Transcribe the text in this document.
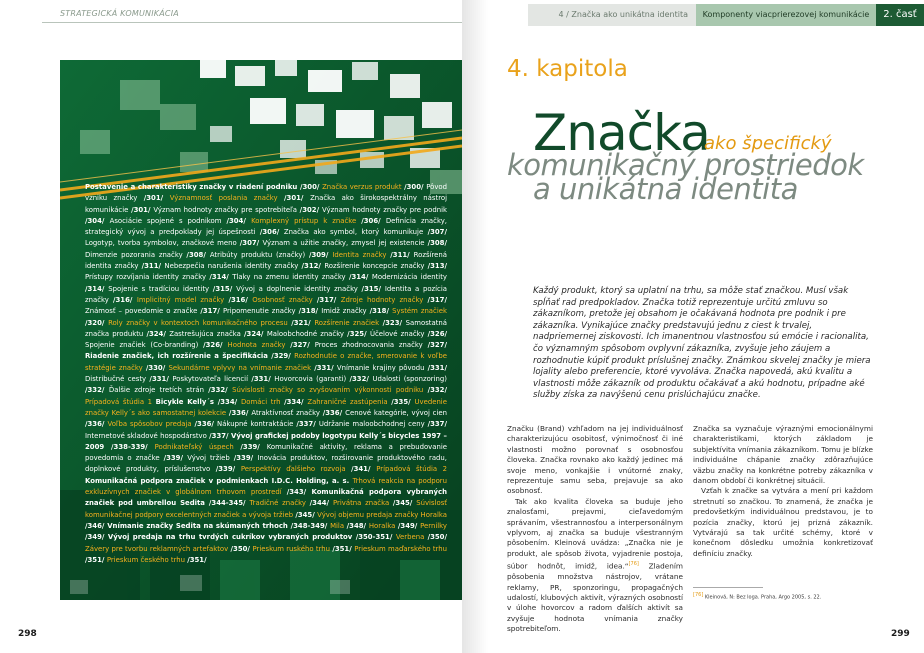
STRATEGICKÁ KOMUNIKÁCIA	4 / Značka ako unikátna identita	Komponenty viacprierezovej komunikácie	2. časť
Postavenie a charakteristiky značky v riadení podniku /300/ Značka verzus produkt /300/ Pôvod vzniku značky /301/ Významnosť poslania značky /301/ Značka ako širokospektrálny nástroj komunikácie /301/ Význam hodnoty značky pre spotrebiteľa /302/ Význam hodnoty značky pre podnik /304/ Asociácie spojené s podnikom /304/ Komplexný prístup k značke /306/ Definícia značky, strategický vývoj a predpoklady jej úspešnosti /306/ Značka ako symbol, ktorý komunikuje /307/ Logotyp, tvorba symbolov, značkové meno /307/ Význam a užitie značky, zmysel jej existencie /308/ Dimenzie pozorania značky /308/ Atribúty produktu (značky) /309/ Identita značky /311/ Rozšírená identita značky /311/ Nebezpečia narušenia identity značky /312/ Rozšírenie koncepcie značky /313/ Prístupy rozvíjania identity značky /314/ Tlaky na zmenu identity značky /314/ Modernizácia identity /314/ Spojenie s tradíciou identity /315/ Vývoj a doplnenie identity značky /315/ Identita a pozícia značky /316/ Implicitný model značky /316/ Osobnosť značky /317/ Zdroje hodnoty značky /317/ Známosť – povedomie o značke /317/ Pripomenutie značky /318/ Imidž značky /318/ Systém značiek /320/ Roly značky v kontextoch komunikačného procesu /321/ Rozšírenie značiek /323/ Samostatná značka produktu /324/ Zastrešujúca značka /324/ Maloobchodné značky /325/ Účelové značky /326/ Spojenie značiek (Co-branding) /326/ Hodnota značky /327/ Proces zhodnocovania značky /327/ Riadenie značiek, ich rozšírenie a špecifikácia /329/ Rozhodnutie o značke, smerovanie k voľbe stratégie značky /330/ Sekundárne vplyvy na vnímanie značiek /331/ Vnímanie krajiny pôvodu /331/ Distribučné cesty /331/ Poskytovateľa licencií /331/ Hovorcovia (garanti) /332/ Udalosti (sponzoring) /332/ Ďalšie zdroje tretích strán /332/ Súvislosti značky so zvyšovaním výkonnosti podniku /332/ Prípadová štúdia 1 Bicykle Kelly´s /334/ Domáci trh /334/ Zahraničné zastúpenia /335/ Uvedenie značky Kelly´s ako samostatnej kolekcie /336/ Atraktívnosť značky /336/ Cenové kategórie, vývoj cien /336/ Voľba spôsobov predaja /336/ Nákupné kontraktácie /337/ Udržanie maloobchodnej ceny /337/ Internetové skladové hospodárstvo /337/ Vývoj grafickej podoby logotypu Kelly´s bicycles 1997 – 2009 /338-339/ Podnikateľský úspech /339/ Komunikačné aktivity, reklama a prebudovanie povedomia o značke /339/ Vývoj tržieb /339/ Inovácia produktov, rozširovanie produktového radu, doplnkové produkty, príslušenstvo /339/ Perspektívy ďalšieho rozvoja /341/ Prípadová štúdia 2 Komunikačná podpora značiek v podmienkach I.D.C. Holding, a. s. Trhová reakcia na podporu exkluzívnych značiek v globálnom trhovom prostredí /343/ Komunikačná podpora vybraných značiek pod umbrellou Sedita /344-345/ Tradičné značky /344/ Privátna značka /345/ Súvislosť komunikačnej podpory excelentných značiek a vývoja tržieb /345/ Vývoj objemu predaja značky Horalka /346/ Vnímanie značky Sedita na skúmaných trhoch /348-349/ Mila /348/ Horalka /349/ Pernilky /349/ Vývoj predaja na trhu tvrdých cukríkov vybraných produktov /350-351/ Verbena /350/ Závery pre tvorbu reklamných artefaktov /350/ Prieskum ruského trhu /351/ Prieskum maďarského trhu /351/ Prieskum českého trhu /351/
4. kapitola
komunikačný prostriedok
a unikátna identita
Značka
ako špecifický
Každý produkt, ktorý sa uplatní na trhu, sa môže stať značkou. Musí však spĺňať rad predpokladov. Značka totiž reprezentuje určitú zmluvu so zákazníkom, pretože jej obsahom je očakávaná hodnota pre podnik i pre zákazníka. Vynikajúce značky predstavujú jednu z ciest k trvalej, nadpriemernej ziskovosti. Ich imanentnou vlastnosťou sú emócie i racionalita, čo významným spôsobom ovplyvní zákazníka, zvyšuje jeho záujem a rozhodnutie kúpiť produkt príslušnej značky. Známkou skvelej značky je miera lojality alebo preferencie, ktoré vyvoláva. Značka napovedá, akú kvalitu a vlastnosti môže zákazník od produktu očakávať a akú hodnotu, prípadne aké služby získa za navýšenú cenu prislúchajúcu značke.

Značku (Brand) vzhľadom na jej individuálnosť charakterizujúcu osobitosť, výnimočnosť či iné vlastnosti možno porovnať s osobnosťou človeka. Značka rovnako ako každý jedinec má svoje meno, vonkajšie i vnútorné znaky, reprezentuje samu seba, prejavuje sa ako osobnosť.

Tak ako kvalita človeka sa buduje jeho znalosťami, prejavmi, cieľavedomým správaním, všestrannosťou a interpersonálnym vplyvom, aj značka sa buduje všestranným pôsobením. Kleinová uvádza: „Značka nie je produkt, ale spôsob života, vyjadrenie postoja, súbor hodnôt, imidž, idea.“[76] Zladením pôsobenia množstva nástrojov, vrátane reklamy, PR, sponzoringu, propagačných udalostí, klubových aktivít, výrazných osobností v úlohe hovorcov a radom ďalších aktivít sa zvyšuje hodnota vnímania značky spotrebiteľom.

Značka sa vyznačuje výraznými emocionálnymi charakteristikami, ktorých základom je subjektívita vnímania zákazníkom. Tomu je blízke individuálne chápanie značky zdôrazňujúce väzbu značky na konkrétne potreby zákazníka v danom období či konkrétnej situácii.

Vzťah k značke sa vytvára a mení pri každom stretnutí so značkou. To znamená, že značka je predovšetkým individuálnou predstavou, je to pozícia značky, ktorú jej prizná zákazník. Vytvárajú sa tak určité schémy, ktoré v konečnom dôsledku umožnia konkretizovať definíciu značky.

[76] Kleinová, N: Bez loga. Praha, Argo 2005, s. 22.
298	299
